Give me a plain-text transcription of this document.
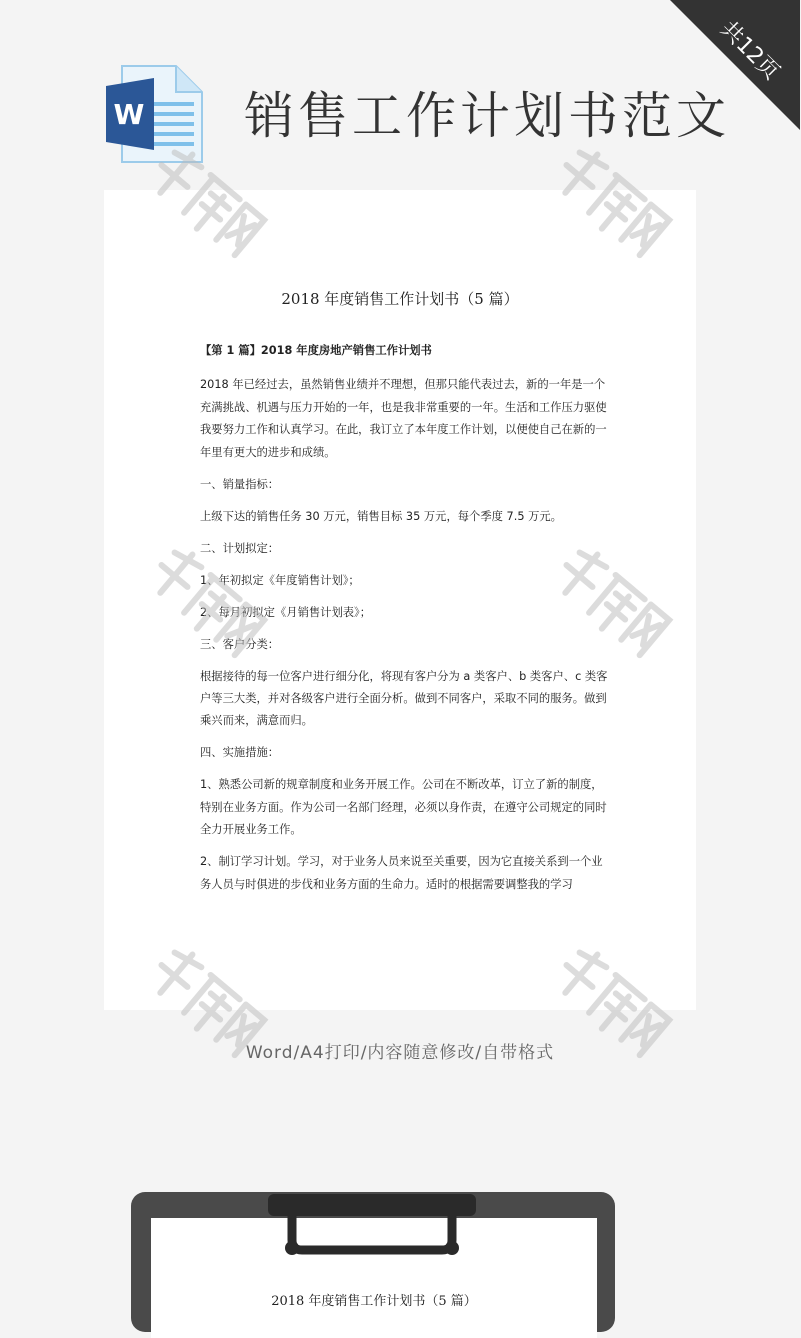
共12页
W 销售工作计划书范文
2018 年度销售工作计划书（5 篇）

【第 1 篇】2018 年度房地产销售工作计划书

2018 年已经过去，虽然销售业绩并不理想，但那只能代表过去，新的一年是一个充满挑战、机遇与压力开始的一年，也是我非常重要的一年。生活和工作压力驱使我要努力工作和认真学习。在此，我订立了本年度工作计划，以便使自己在新的一年里有更大的进步和成绩。

一、销量指标：

上级下达的销售任务 30 万元，销售目标 35 万元，每个季度 7.5 万元。

二、计划拟定：

1、年初拟定《年度销售计划》；

2、每月初拟定《月销售计划表》；

三、客户分类：

根据接待的每一位客户进行细分化，将现有客户分为 a 类客户、b 类客户、c 类客户等三大类，并对各级客户进行全面分析。做到不同客户，采取不同的服务。做到乘兴而来，满意而归。

四、实施措施：

1、熟悉公司新的规章制度和业务开展工作。公司在不断改革，订立了新的制度，特别在业务方面。作为公司一名部门经理，必须以身作责，在遵守公司规定的同时全力开展业务工作。

2、制订学习计划。学习，对于业务人员来说至关重要，因为它直接关系到一个业务人员与时俱进的步伐和业务方面的生命力。适时的根据需要调整我的学习

Word/A4打印/内容随意修改/自带格式
2018 年度销售工作计划书（5 篇）
